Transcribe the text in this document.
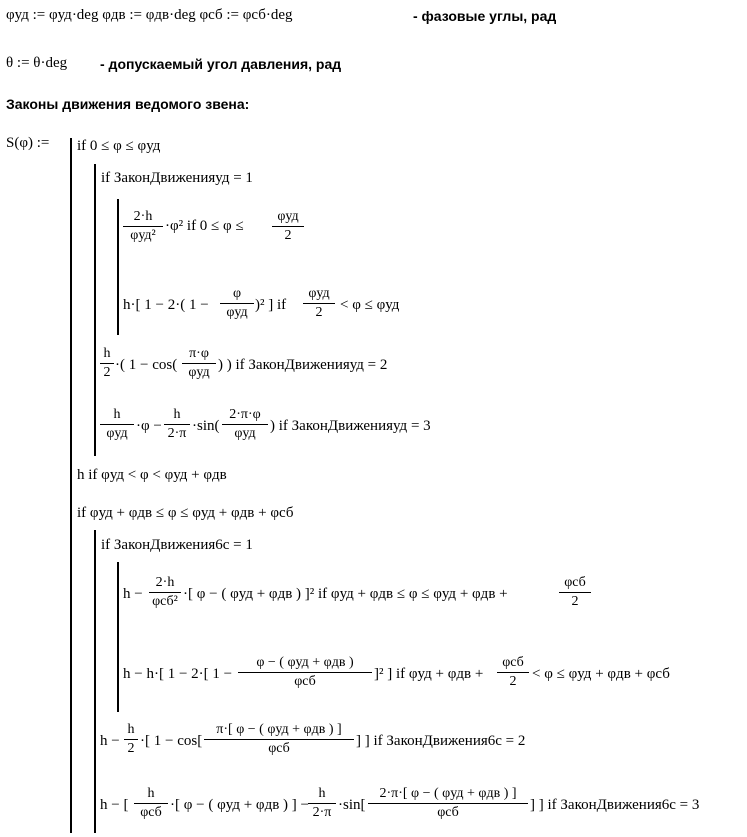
φуд := φуд·deg φдв := φдв·deg φсб := φсб·deg	- фазовые углы, рад
θ := θ·deg - допускаемый угол давления, рад
Законы движения ведомого звена:
S(φ) := if 0 ≤ φ ≤ φуд
if ЗаконДвиженияуд = 1
2·h
φуд²
·φ² if 0 ≤ φ ≤
φуд
2
h·[ 1 − 2·( 1 −
φ
φуд )² ] if
φуд
2	< φ ≤ φуд
$\frac{h}{2}$ ·( 1 − cos(
π·φ
φуд ) ) if ЗаконДвиженияуд = 2
h
$\varphi уд \cdot\varphi - \frac{h}{2\cdot\pi} \cdot\sin$(
2·π·φ
φуд ) if ЗаконДвиженияуд = 3
h if φуд < φ < φуд + φдв
if φуд + φдв ≤ φ ≤ φуд + φдв + φсб
if ЗаконДвижения6с = 1
h −
2·h
φсб² ·[ φ − ( φуд + φдв ) ]² if φуд + φдв ≤ φ ≤ φуд + φдв +
φсб
2
h − h·[ 1 − 2·[ 1 −
φ − ( φуд + φдв )
φсб	]² ] if φуд + φдв +
φсб
2	< φ ≤ φуд + φдв + φсб
$h - \frac{h}{2}$ ·[ 1 − cos[
π·[ φ − ( φуд + φдв ) ]
φсб	] ] if ЗаконДвижения6с = 2
h − [
h
φсб ·[ φ − ( φуд + φдв ) ] − $\frac{h}{2\cdot\pi} \cdot\sin$[
2·π·[ φ − ( φуд + φдв ) ]
φсб	] ] if ЗаконДвижения6с = 3
